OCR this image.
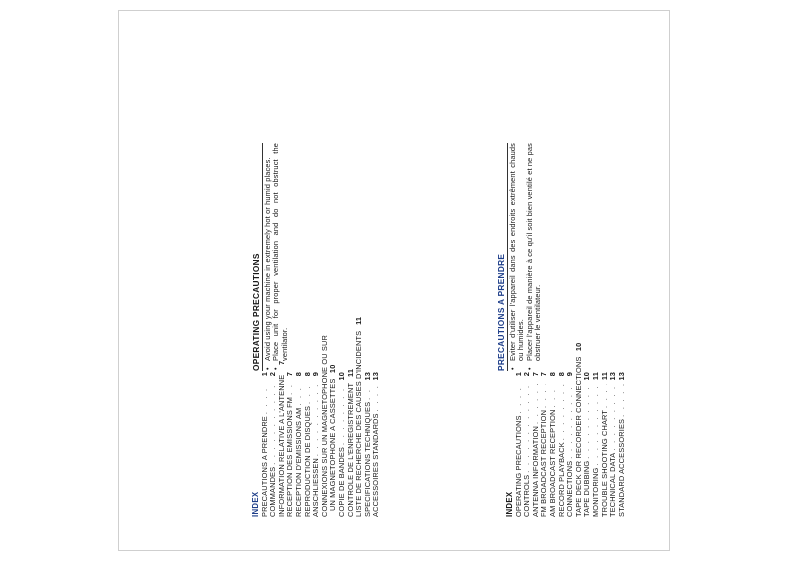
OPERATING PRECAUTIONS • Avoid using your machine in extremely hot or humid places. • Place unit for proper ventilation and do not obstruct the ventilator.	PRECAUTIONS A PRENDRE • Eviter d'utiliser l'appareil dans des endroits extrêment chauds ou humides. • Placer l'appareil de manière à ce qu'il soit bien ventilé et ne pas obstruer le ventilateur.
INDEX OPERATING PRECAUTIONS
. . .
1
CONTROLS
. . .
2
ANTENNA INFORMATION
. . .
7
FM BROADCAST RECEPTION
. . .
7
AM BROADCAST RECEPTION
. . .
8
RECORD PLAYBACK
. . .
8
CONNECTIONS
. . .
9 TAPE DECK OR RECORDER CONNECTIONS
10
TAPE DUBBING
. . .
10
MONITORING
. . .
11
TROUBLE SHOOTING CHART
. . .
11
TECHNICAL DATA
. . .
13
STANDARD ACCESSORIES
. . .
13
INDEX PRECAUTIONS A PRENDRE
. . .
1
COMMANDES
. . .
2
INFORMATION RELATIVE A L'ANTENNE
7
RECEPTION DES EMISSIONS FM
. . .
7
RECEPTION D'EMISSIONS AM
. . .
8
REPRODUCTION DE DISQUES
. . .
8
ANSCHLIESSEN
. . .
9 CONNEXIONS SUR UN MAGNETOPHONE OU SUR UN MAGNETOPHONE A CASSETTES
10
COPIE DE BANDES
. . .
10
CONTROLE DE L'ENREGISTREMENT
11 LISTE DE RECHERCHE DES CAUSES D'INCIDENTS
11
SPECIFICATIONS TECHNIQUES
. . .
13
ACCESSOIRES STANDARDS
. . .
13
